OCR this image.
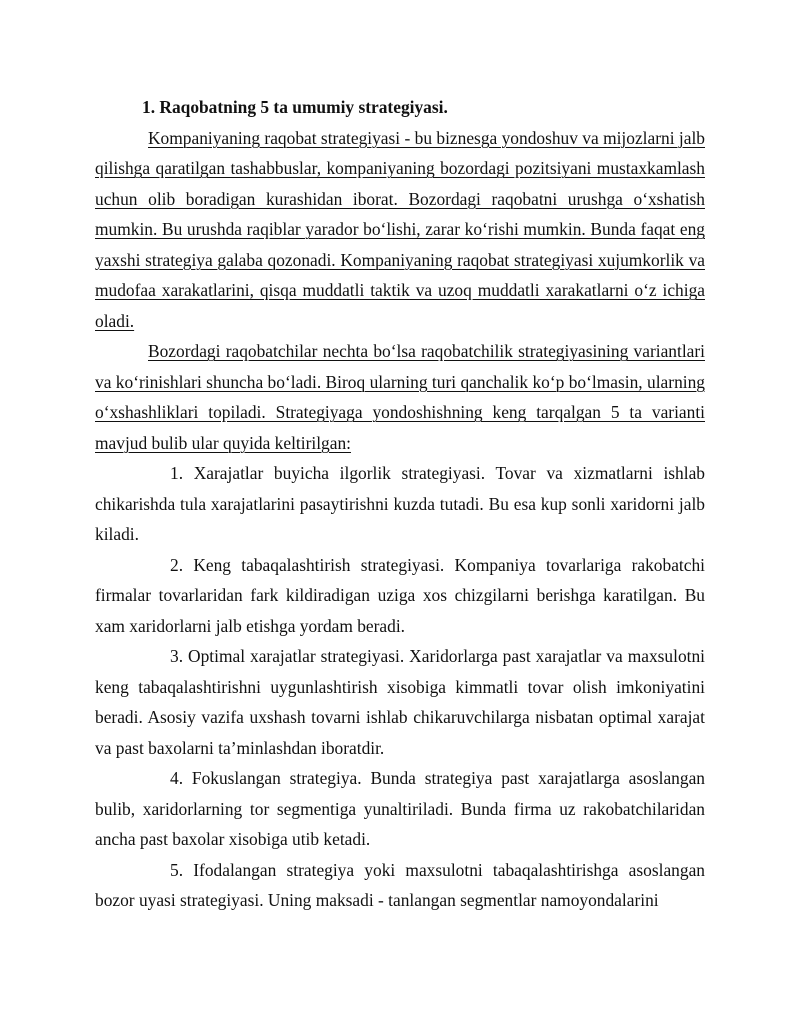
1. Raqobatning 5 ta umumiy strategiyasi.

Kompaniyaning raqobat strategiyasi - bu biznesga yondoshuv va mijozlarni jalb qilishga qaratilgan tashabbuslar, kompaniyaning bozordagi pozitsiyani mustaxkamlash uchun olib boradigan kurashidan iborat. Bozordagi raqobatni urushga o‘xshatish mumkin. Bu urushda raqiblar yarador bo‘lishi, zarar ko‘rishi mumkin. Bunda faqat eng yaxshi strategiya galaba qozonadi. Kompaniyaning raqobat strategiyasi xujumkorlik va mudofaa xarakatlarini, qisqa muddatli taktik va uzoq muddatli xarakatlarni o‘z ichiga oladi.

Bozordagi raqobatchilar nechta bo‘lsa raqobatchilik strategiyasining variantlari va ko‘rinishlari shuncha bo‘ladi. Biroq ularning turi qanchalik ko‘p bo‘lmasin, ularning o‘xshashliklari topiladi. Strategiyaga yondoshishning keng tarqalgan 5 ta varianti mavjud bulib ular quyida keltirilgan:

1. Xarajatlar buyicha ilgorlik strategiyasi. Tovar va xizmatlarni ishlab chikarishda tula xarajatlarini pasaytirishni kuzda tutadi. Bu esa kup sonli xaridorni jalb kiladi.

2. Keng tabaqalashtirish strategiyasi. Kompaniya tovarlariga rakobatchi firmalar tovarlaridan fark kildiradigan uziga xos chizgilarni berishga karatilgan. Bu xam xaridorlarni jalb etishga yordam beradi.

3. Optimal xarajatlar strategiyasi. Xaridorlarga past xarajatlar va maxsulotni keng tabaqalashtirishni uygunlashtirish xisobiga kimmatli tovar olish imkoniyatini beradi. Asosiy vazifa uxshash tovarni ishlab chikaruvchilarga nisbatan optimal xarajat va past baxolarni ta’minlashdan iboratdir.

4. Fokuslangan strategiya. Bunda strategiya past xarajatlarga asoslangan bulib, xaridorlarning tor segmentiga yunaltiriladi. Bunda firma uz rakobatchilaridan ancha past baxolar xisobiga utib ketadi.

5. Ifodalangan strategiya yoki maxsulotni tabaqalashtirishga asoslangan bozor uyasi strategiyasi. Uning maksadi - tanlangan segmentlar namoyondalarini
